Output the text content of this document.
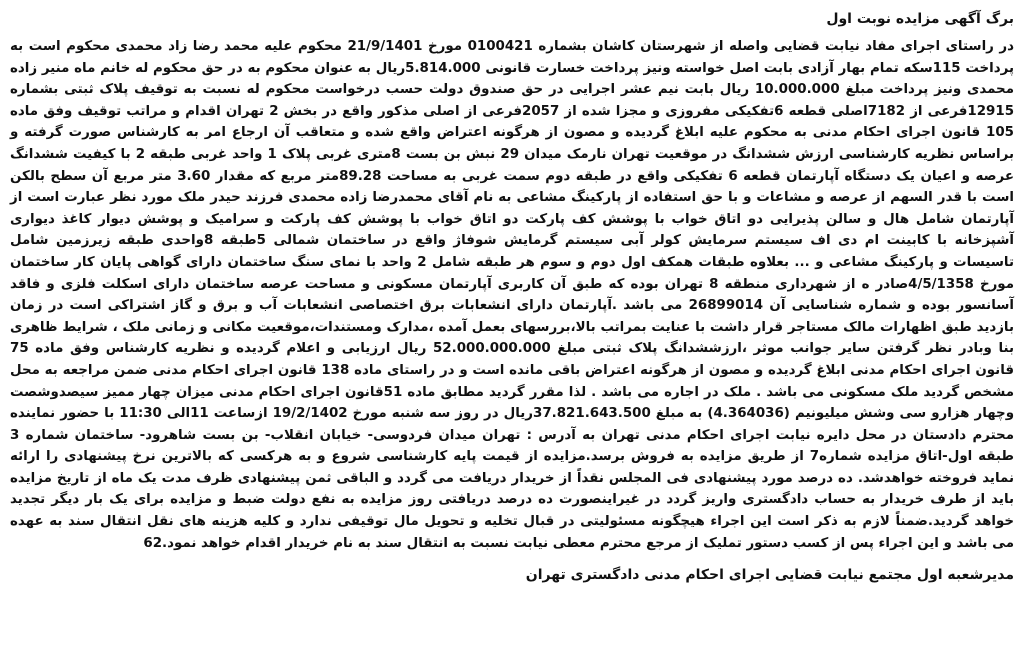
برگ آگهی مزایده نوبت اول

در راستای اجرای مفاد نیابت قضایی واصله از شهرستان کاشان بشماره 0100421 مورخ 21/9/1401 محکوم علیه محمد رضا زاد محمدی محکوم است به پرداخت 115سکه تمام بهار آزادی بابت اصل خواسته ونیز پرداخت خسارت قانونی 5.814.000ریال به عنوان محکوم به در حق محکوم له خانم ماه منیر زاده محمدی ونیز پرداخت مبلغ 10.000.000 ریال بابت نیم عشر اجرایی در حق صندوق دولت حسب درخواست محکوم له نسبت به توقیف پلاک ثبتی بشماره 12915فرعی از 7182اصلی قطعه 6تفکیکی مفروزی و مجزا شده از 2057فرعی از اصلی مذکور واقع در بخش 2 تهران اقدام و مراتب توقیف وفق ماده 105 قانون اجرای احکام مدنی به محکوم علیه ابلاغ گردیده و مصون از هرگونه اعتراض واقع شده و متعاقب آن ارجاع امر به کارشناس صورت گرفته و براساس نظریه کارشناسی ارزش ششدانگ در موقعیت تهران نارمک میدان 29 نبش بن بست 8متری غربی پلاک 1 واحد غربی طبقه 2 با کیفیت ششدانگ عرصه و اعیان یک دستگاه آپارتمان قطعه 6 تفکیکی واقع در طبقه دوم سمت غربی به مساحت 89.28متر مربع که مقدار 3.60 متر مربع آن سطح بالکن است با قدر السهم از عرصه و مشاعات و با حق استفاده از پارکینگ مشاعی به نام آقای محمدرضا زاده محمدی فرزند حیدر ملک مورد نظر عبارت است از آپارتمان شامل هال و سالن پذیرایی دو اتاق خواب با پوشش کف پارکت دو اتاق خواب با پوشش کف پارکت و سرامیک و پوشش دیوار کاغذ دیواری آشپزخانه با کابینت ام دی اف سیستم سرمایش کولر آبی سیستم گرمایش شوفاژ واقع در ساختمان شمالی 5طبقه 8واحدی طبقه زیرزمین شامل تاسیسات و پارکینگ مشاعی و ... بعلاوه طبقات همکف اول دوم و سوم هر طبقه شامل 2 واحد با نمای سنگ ساختمان دارای گواهی پایان کار ساختمان مورخ 4/5/1358صادر ه از شهرداری منطقه 8 تهران بوده که طبق آن کاربری آپارتمان مسکونی و مساحت عرصه ساختمان دارای اسکلت فلزی و فاقد آسانسور بوده و شماره شناسایی آن 26899014 می باشد .آپارتمان دارای انشعابات برق اختصاصی انشعابات آب و برق و گاز اشتراکی است در زمان بازدید طبق اظهارات مالک مستاجر قرار داشت با عنایت بمراتب بالا،بررسهای بعمل آمده ،مدارک ومستندات،موقعیت مکانی و زمانی ملک ، شرایط ظاهری بنا وبادر نظر گرفتن سایر جوانب موثر ،ارزششدانگ پلاک ثبتی مبلغ 52.000.000.000 ریال ارزیابی و اعلام گردیده و نظریه کارشناس وفق ماده 75 قانون اجرای احکام مدنی ابلاغ گردیده و مصون از هرگونه اعتراض باقی مانده است و در راستای ماده 138 قانون اجرای احکام مدنی ضمن مراجعه به محل مشخص گردید ملک مسکونی می باشد . ملک در اجاره می باشد . لذا مقرر گردید مطابق ماده 51قانون اجرای احکام مدنی میزان چهار ممیز سیصدوشصت وچهار هزارو سی وشش میلیونیم (4.364036) به مبلغ 37.821.643.500ریال در روز سه شنبه مورخ 19/2/1402 ازساعت 11الی 11:30 با حضور نماینده محترم دادستان در محل دایره نیابت اجرای احکام مدنی تهران به آدرس : تهران میدان فردوسی- خیابان انقلاب- بن بست شاهرود- ساختمان شماره 3 طبقه اول-اتاق مزایده شماره7 از طریق مزایده به فروش برسد.مزایده از قیمت پایه کارشناسی شروع و به هرکسی که بالاترین نرخ پیشنهادی را ارائه نماید فروخته خواهدشد. ده درصد مورد پیشنهادی فی المجلس نقداً از خریدار دریافت می گردد و الباقی ثمن پیشنهادی ظرف مدت یک ماه از تاریخ مزایده باید از طرف خریدار به حساب دادگستری واریز گردد در غیراینصورت ده درصد دریافتی روز مزایده به نفع دولت ضبط و مزایده برای یک بار دیگر تجدید خواهد گردید.ضمناً لازم به ذکر است این اجراء هیچگونه مسئولیتی در قبال تخلیه و تحویل مال توقیفی ندارد و کلیه هزینه های نقل انتقال سند به عهده می باشد و این اجراء پس از کسب دستور تملیک از مرجع محترم معطی نیابت نسبت به انتقال سند به نام خریدار اقدام خواهد نمود.62

مدیرشعبه اول مجتمع نیابت قضایی اجرای احکام مدنی دادگستری تهران
